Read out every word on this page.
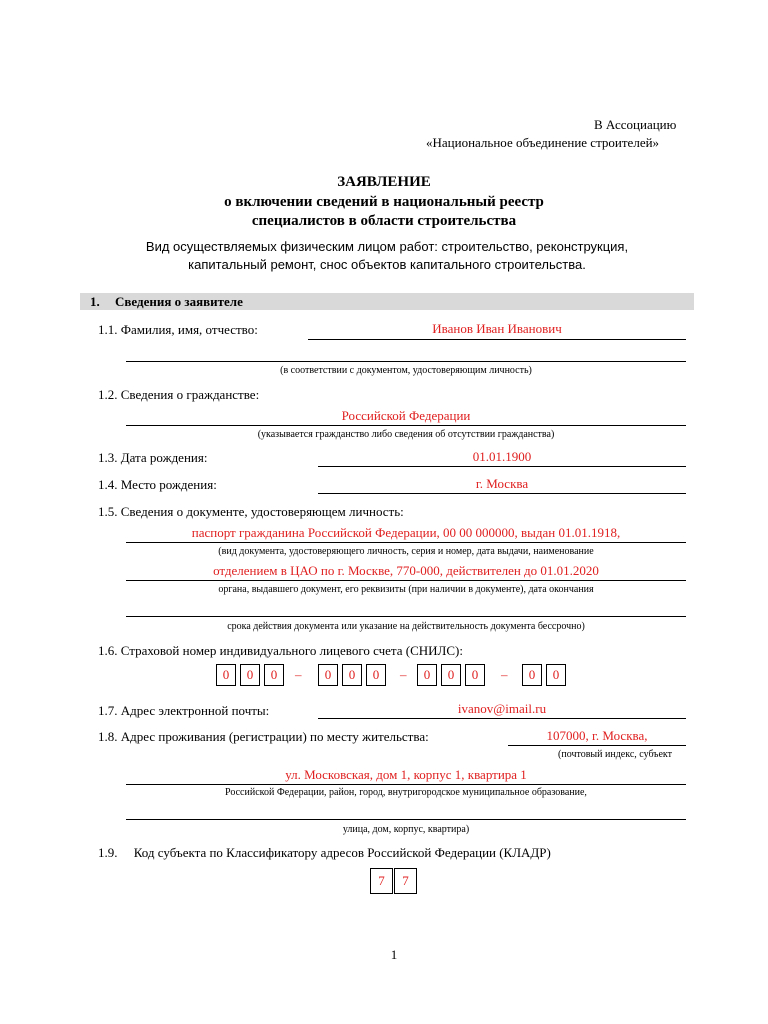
В Ассоциацию
«Национальное объединение строителей»
ЗАЯВЛЕНИЕ
о включении сведений в национальный реестр
специалистов в области строительства
Вид осуществляемых физическим лицом работ: строительство, реконструкция,
капитальный ремонт, снос объектов капитального строительства.
1. Сведения о заявителе
1.1. Фамилия, имя, отчество:	Иванов Иван Иванович
(в соответствии с документом, удостоверяющим личность)
1.2. Сведения о гражданстве:
Российской Федерации
(указывается гражданство либо сведения об отсутствии гражданства)
1.3. Дата рождения:	01.01.1900
1.4. Место рождения:	г. Москва
1.5. Сведения о документе, удостоверяющем личность:
паспорт гражданина Российской Федерации, 00 00 000000, выдан 01.01.1918,
(вид документа, удостоверяющего личность, серия и номер, дата выдачи, наименование
отделением в ЦАО по г. Москве, 770-000, действителен до 01.01.2020
органа, выдавшего документ, его реквизиты (при наличии в документе), дата окончания
срока действия документа или указание на действительность документа бессрочно)
1.6. Страховой номер индивидуального лицевого счета (СНИЛС):
0	0	0	–	0	0	0	–	0	0	0	–	0	0
1.7. Адрес электронной почты:	ivanov@imail.ru
1.8. Адрес проживания (регистрации) по месту жительства:	107000, г. Москва,
(почтовый индекс, субъект
ул. Московская, дом 1, корпус 1, квартира 1
Российской Федерации, район, город, внутригородское муниципальное образование,
улица, дом, корпус, квартира)
1.9.     Код субъекта по Классификатору адресов Российской Федерации (КЛАДР)
7	7
1
